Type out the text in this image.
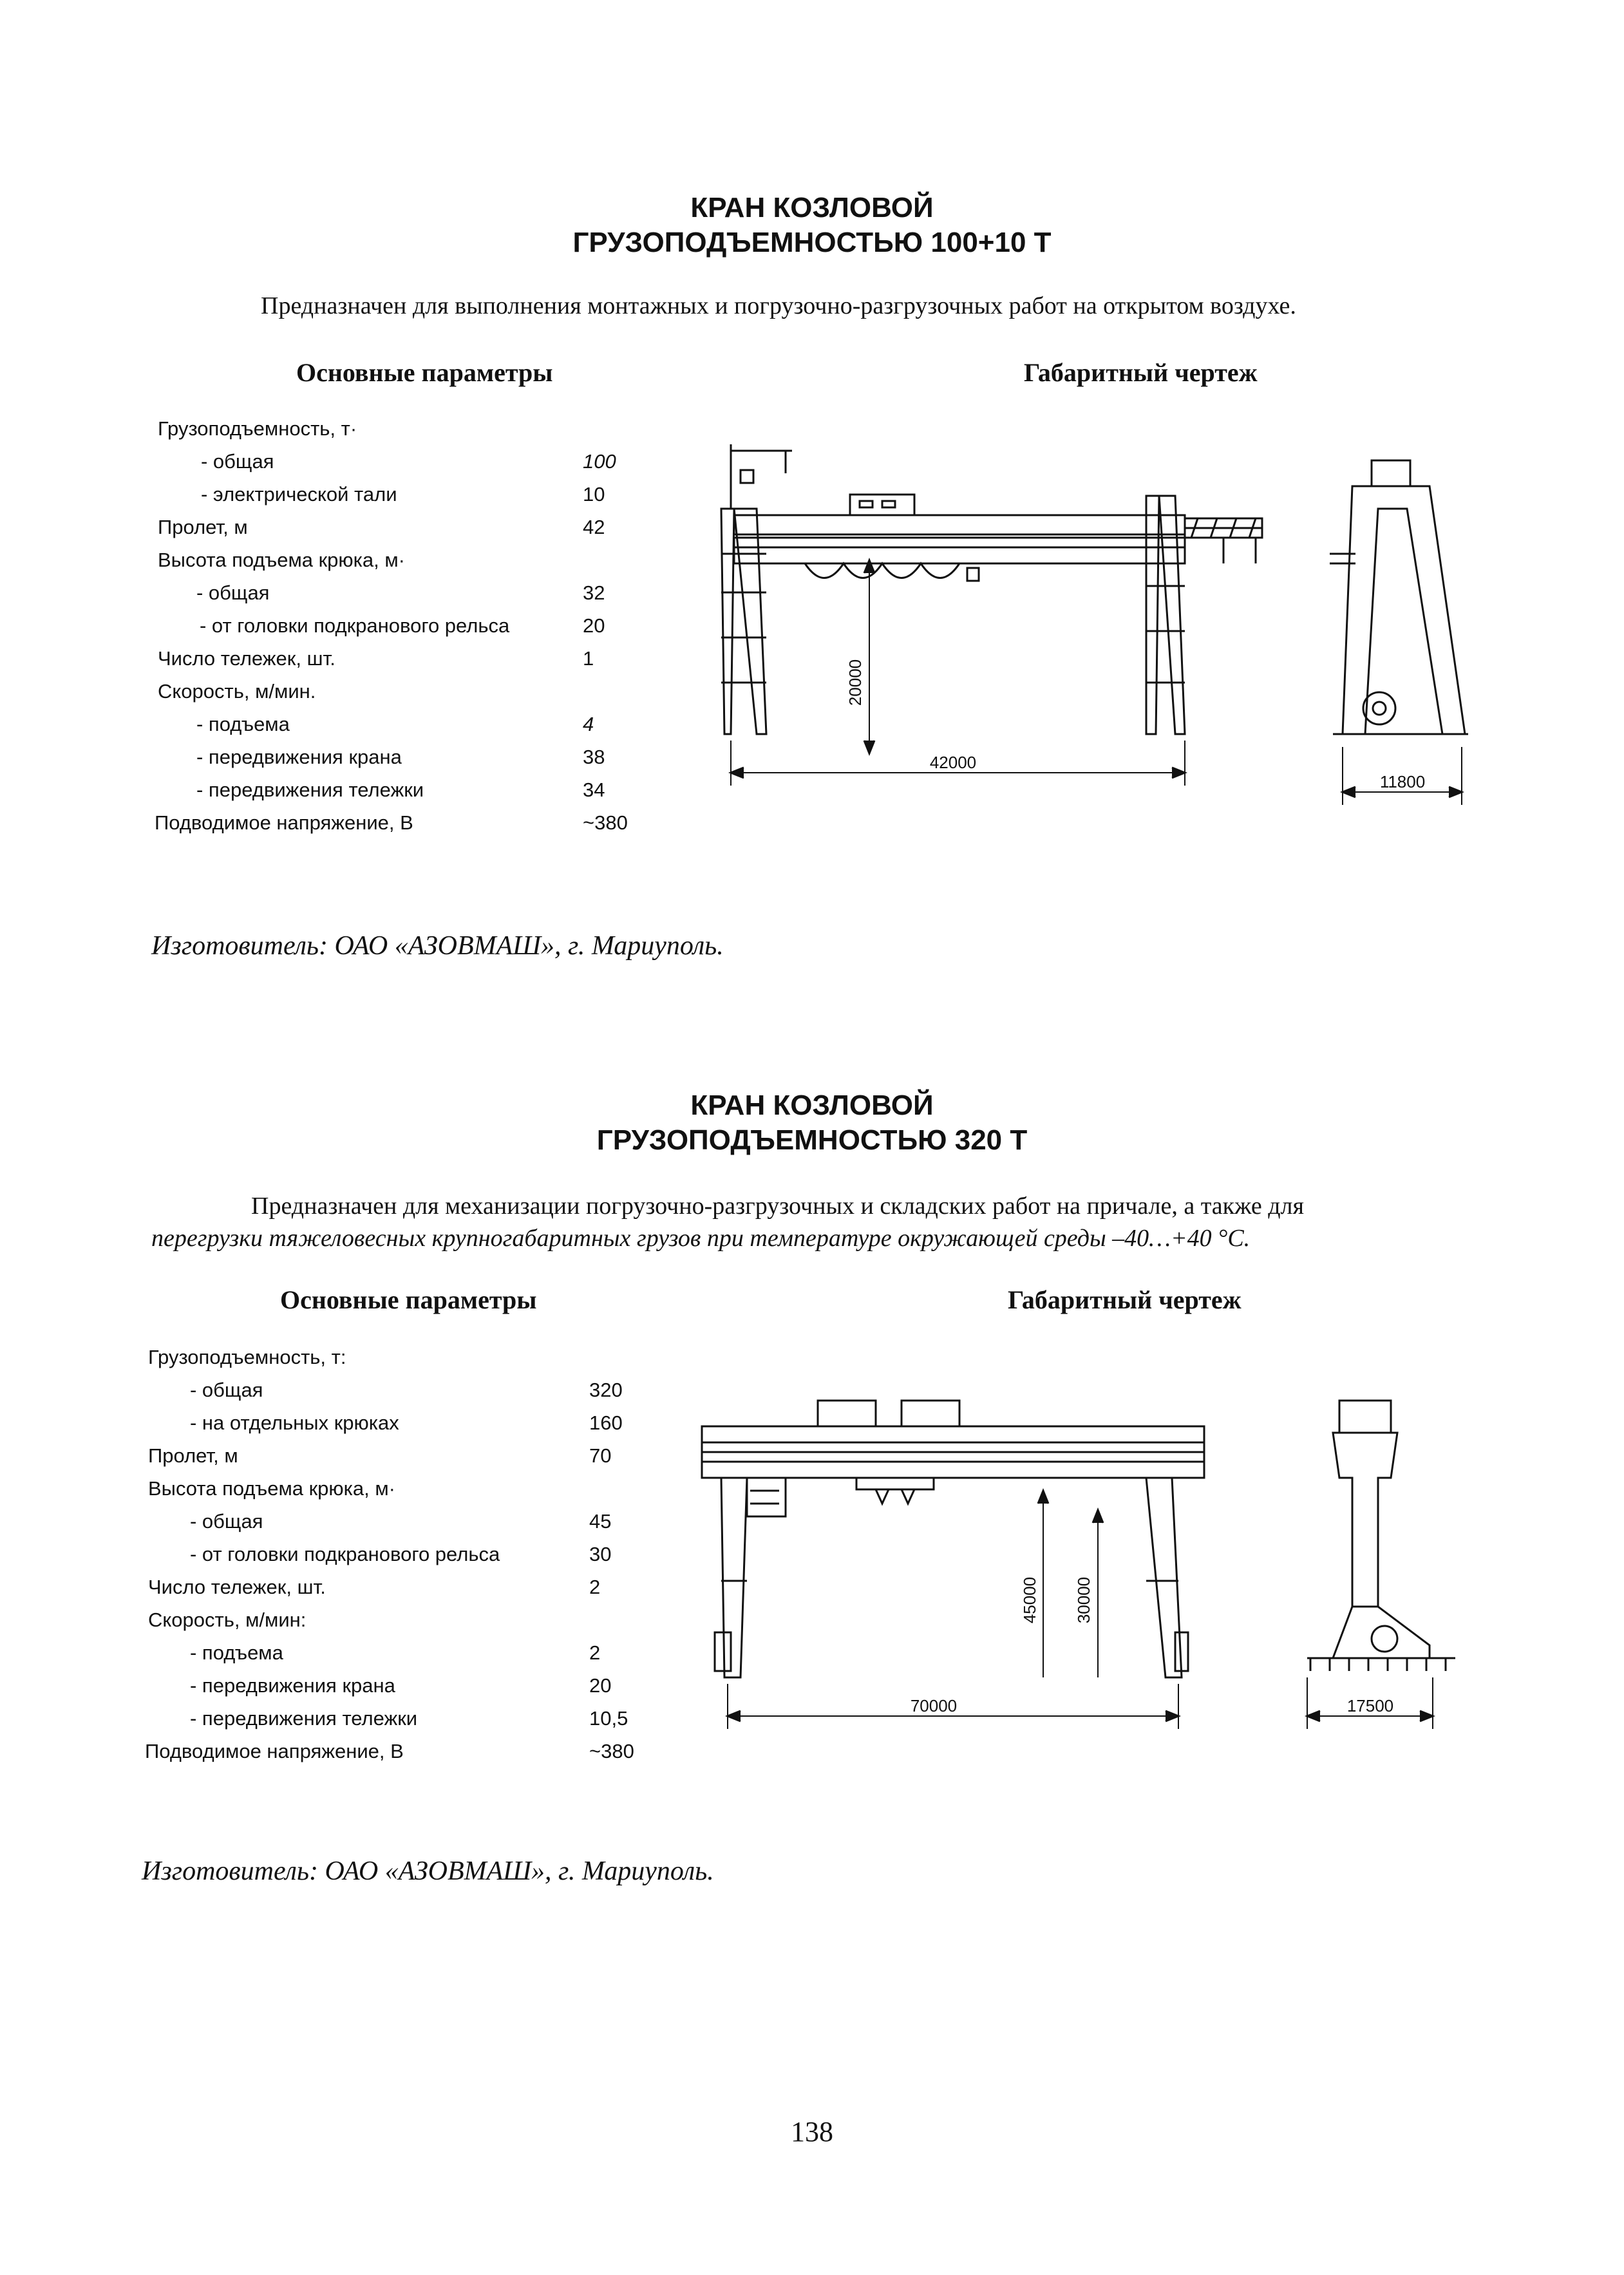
КРАН КОЗЛОВОЙ
ГРУЗОПОДЪЕМНОСТЬЮ 100+10 Т
Предназначен для выполнения монтажных и погрузочно-разгрузочных работ на открытом воздухе.
Основные параметры	Габаритный чертеж
Грузоподъемность, т·
- общая	100
- электрической тали	10
Пролет, м	42
Высота подъема крюка, м·
- общая	32
- от головки подкранового рельса	20
Число тележек, шт.	1
Скорость, м/мин.
- подъема	4
- передвижения крана	38
- передвижения тележки	34
Подводимое напряжение, В	~380
20000
42000
11800
Изготовитель: ОАО «АЗОВМАШ», г. Мариуполь.
КРАН КОЗЛОВОЙ
ГРУЗОПОДЪЕМНОСТЬЮ 320 Т
Предназначен для механизации погрузочно-разгрузочных и складских работ на причале, а также для
перегрузки тяжеловесных крупногабаритных грузов при температуре окружающей среды –40…+40 °С.
Основные параметры	Габаритный чертеж
Грузоподъемность, т:
- общая	320
- на отдельных крюках	160
Пролет, м	70
Высота подъема крюка, м·
- общая	45
- от головки подкранового рельса	30
Число тележек, шт.	2
Скорость, м/мин:
- подъема	2
- передвижения крана	20
- передвижения тележки	10,5
Подводимое напряжение, В	~380
45000 30000
70000	17500
Изготовитель: ОАО «АЗОВМАШ», г. Мариуполь.
138
